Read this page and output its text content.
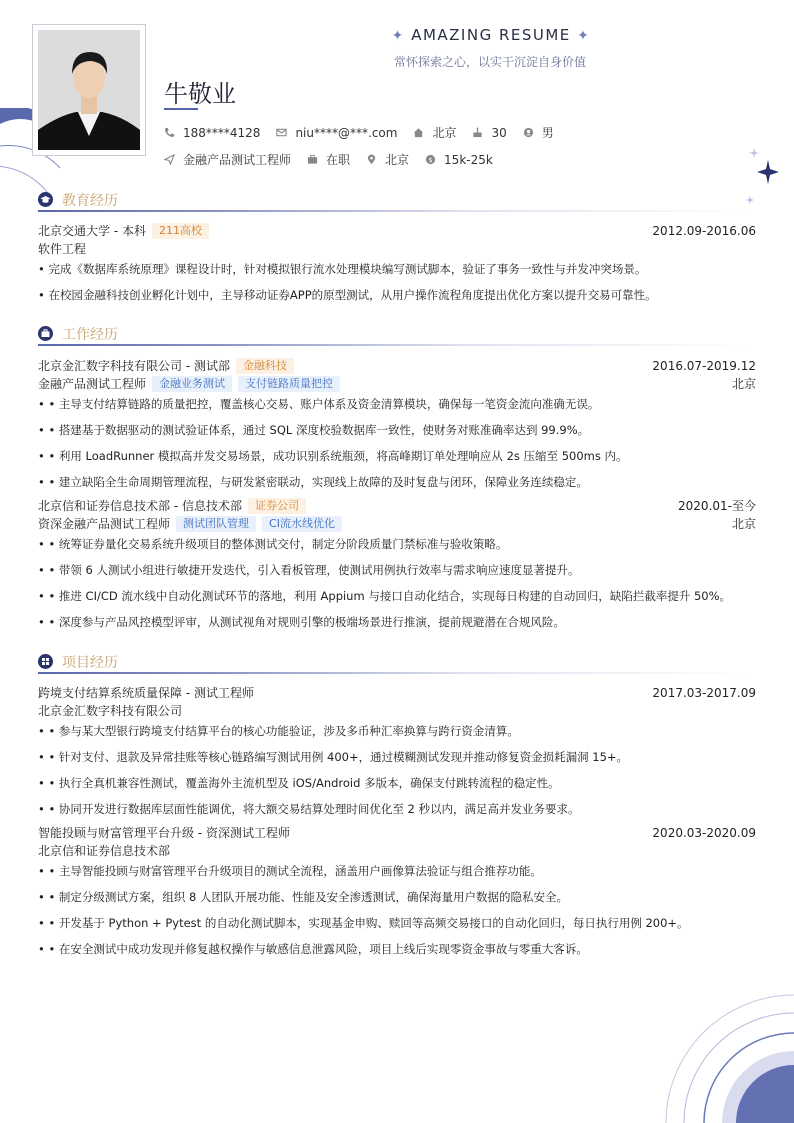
✦ AMAZING RESUME ✦
常怀探索之心，以实干沉淀自身价值
牛敬业
188****4128	niu****@***.com	北京	30	男
金融产品测试工程师	在职	北京	$ 15k-25k
教育经历
北京交通大学 - 本科	211高校	2012.09-2016.06
软件工程
• 完成《数据库系统原理》课程设计时，针对模拟银行流水处理模块编写测试脚本，验证了事务一致性与并发冲突场景。
• 在校园金融科技创业孵化计划中，主导移动证券APP的原型测试，从用户操作流程角度提出优化方案以提升交易可靠性。
工作经历
北京金汇数字科技有限公司 - 测试部	金融科技	2016.07-2019.12
金融产品测试工程师	金融业务测试	支付链路质量把控	北京
• • 主导支付结算链路的质量把控，覆盖核心交易、账户体系及资金清算模块，确保每一笔资金流向准确无误。
• • 搭建基于数据驱动的测试验证体系，通过 SQL 深度校验数据库一致性，使财务对账准确率达到 99.9%。
• • 利用 LoadRunner 模拟高并发交易场景，成功识别系统瓶颈，将高峰期订单处理响应从 2s 压缩至 500ms 内。
• • 建立缺陷全生命周期管理流程，与研发紧密联动，实现线上故障的及时复盘与闭环，保障业务连续稳定。
北京信和证券信息技术部 - 信息技术部	证券公司	2020.01-至今
资深金融产品测试工程师	测试团队管理	CI流水线优化	北京
• • 统筹证券量化交易系统升级项目的整体测试交付，制定分阶段质量门禁标准与验收策略。
• • 带领 6 人测试小组进行敏捷开发迭代，引入看板管理，使测试用例执行效率与需求响应速度显著提升。
• • 推进 CI/CD 流水线中自动化测试环节的落地，利用 Appium 与接口自动化结合，实现每日构建的自动回归，缺陷拦截率提升 50%。
• • 深度参与产品风控模型评审，从测试视角对规则引擎的极端场景进行推演，提前规避潜在合规风险。
项目经历
跨境支付结算系统质量保障 - 测试工程师	2017.03-2017.09
北京金汇数字科技有限公司
• • 参与某大型银行跨境支付结算平台的核心功能验证，涉及多币种汇率换算与跨行资金清算。
• • 针对支付、退款及异常挂账等核心链路编写测试用例 400+，通过模糊测试发现并推动修复资金损耗漏洞 15+。
• • 执行全真机兼容性测试，覆盖海外主流机型及 iOS/Android 多版本，确保支付跳转流程的稳定性。
• • 协同开发进行数据库层面性能调优，将大额交易结算处理时间优化至 2 秒以内，满足高并发业务要求。
智能投顾与财富管理平台升级 - 资深测试工程师	2020.03-2020.09
北京信和证券信息技术部
• • 主导智能投顾与财富管理平台升级项目的测试全流程，涵盖用户画像算法验证与组合推荐功能。
• • 制定分级测试方案，组织 8 人团队开展功能、性能及安全渗透测试，确保海量用户数据的隐私安全。
• • 开发基于 Python + Pytest 的自动化测试脚本，实现基金申购、赎回等高频交易接口的自动化回归，每日执行用例 200+。
• • 在安全测试中成功发现并修复越权操作与敏感信息泄露风险，项目上线后实现零资金事故与零重大客诉。
